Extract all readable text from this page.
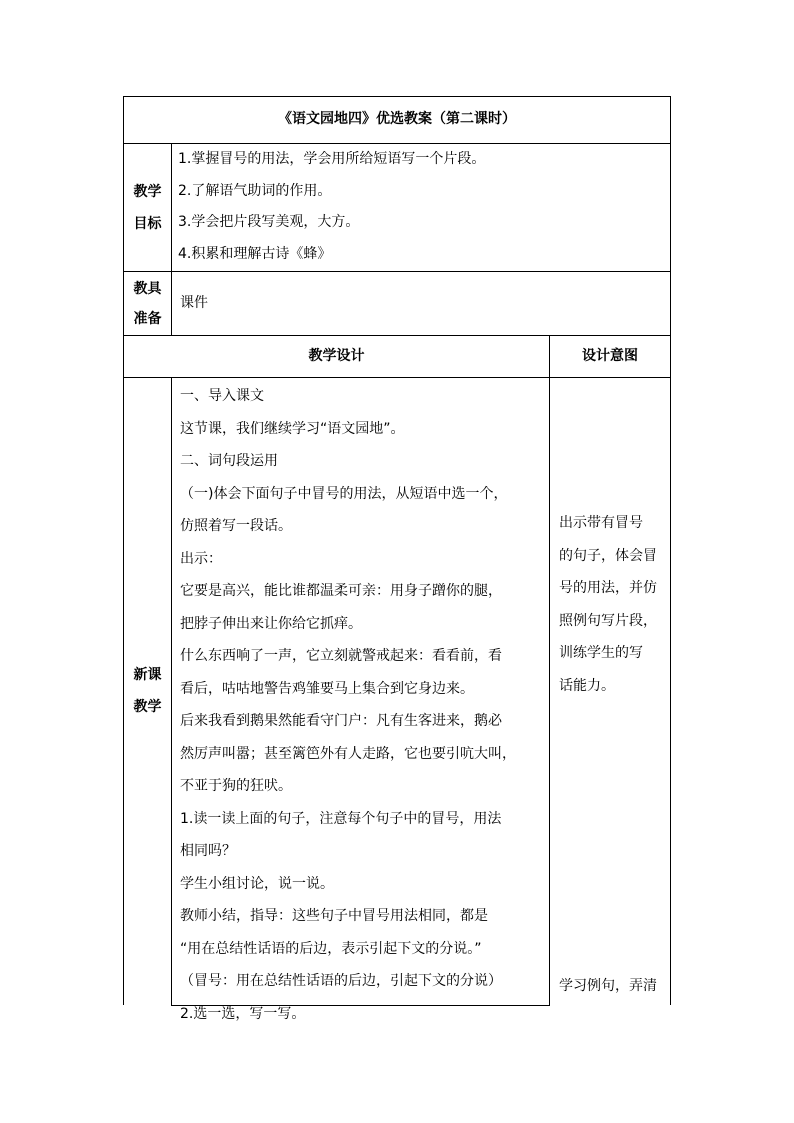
《语文园地四》优选教案（第二课时）
教学
目标
1.掌握冒号的用法，学会用所给短语写一个片段。
2.了解语气助词的作用。
3.学会把片段写美观，大方。
4.积累和理解古诗《蜂》
教具
准备
课件
教学设计	设计意图
新课
教学
一、导入课文
这节课，我们继续学习“语文园地”。
二、词句段运用
（一)体会下面句子中冒号的用法，从短语中选一个，
仿照着写一段话。
出示：
它要是高兴，能比谁都温柔可亲：用身子蹭你的腿，
把脖子伸出来让你给它抓痒。
什么东西响了一声，它立刻就警戒起来：看看前，看
看后，咕咕地警告鸡雏要马上集合到它身边来。
后来我看到鹅果然能看守门户：凡有生客进来，鹅必
然厉声叫嚣；甚至篱笆外有人走路，它也要引吭大叫，
不亚于狗的狂吠。
1.读一读上面的句子，注意每个句子中的冒号，用法
相同吗？
学生小组讨论，说一说。
教师小结，指导：这些句子中冒号用法相同，都是
“用在总结性话语的后边，表示引起下文的分说。”
（冒号：用在总结性话语的后边，引起下文的分说）
2.选一选，写一写。
出示带有冒号
的句子，体会冒
号的用法，并仿
照例句写片段，
训练学生的写
话能力。
学习例句，弄清
